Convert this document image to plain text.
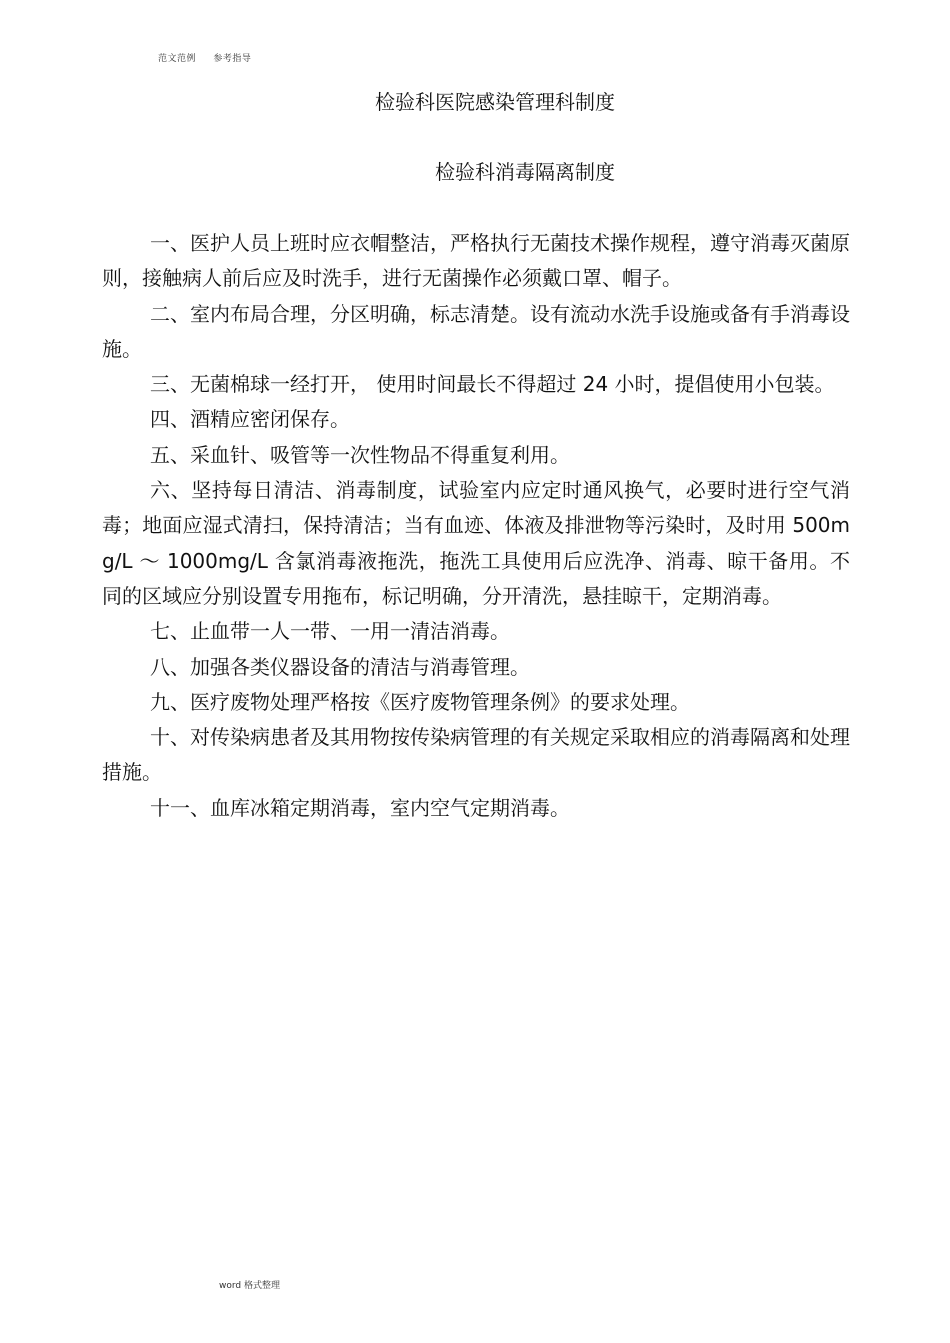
范文范例 参考指导
检验科医院感染管理科制度
检验科消毒隔离制度

一、医护人员上班时应衣帽整洁，严格执行无菌技术操作规程，遵守消毒灭菌原则，接触病人前后应及时洗手，进行无菌操作必须戴口罩、帽子。

二、室内布局合理，分区明确，标志清楚。设有流动水洗手设施或备有手消毒设施。

三、无菌棉球一经打开， 使用时间最长不得超过 24 小时，提倡使用小包装。

四、酒精应密闭保存。

五、采血针、吸管等一次性物品不得重复利用。

六、坚持每日清洁、消毒制度，试验室内应定时通风换气，必要时进行空气消毒；地面应湿式清扫，保持清洁；当有血迹、体液及排泄物等污染时，及时用 500mg/L ～ 1000mg/L 含氯消毒液拖洗，拖洗工具使用后应洗净、消毒、晾干备用。不同的区域应分别设置专用拖布，标记明确，分开清洗，悬挂晾干，定期消毒。

七、止血带一人一带、一用一清洁消毒。

八、加强各类仪器设备的清洁与消毒管理。

九、医疗废物处理严格按《医疗废物管理条例》的要求处理。

十、对传染病患者及其用物按传染病管理的有关规定采取相应的消毒隔离和处理措施。

十一、血库冰箱定期消毒，室内空气定期消毒。

word 格式整理
